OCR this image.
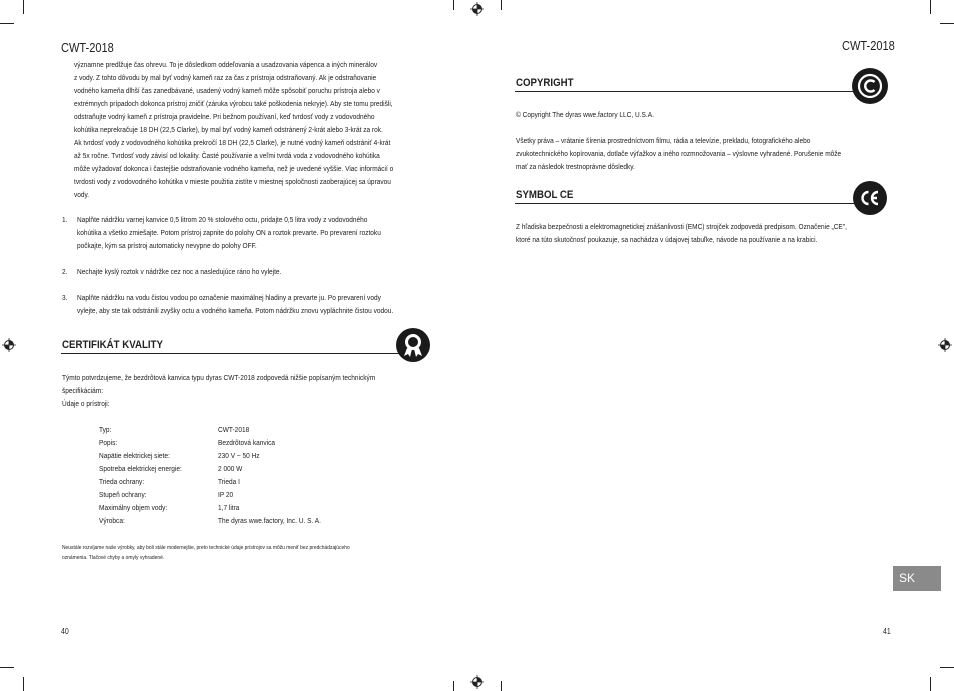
CWT-2018
významne predlžuje čas ohrevu. To je dôsledkom oddeľovania a usadzovania vápenca a iných minerálov
z vody. Z tohto dôvodu by mal byť vodný kameň raz za čas z prístroja odstraňovaný. Ak je odstraňovanie
vodného kameňa dlhší čas zanedbávané, usadený vodný kameň môže spôsobiť poruchu prístroja alebo v
extrémnych prípadoch dokonca prístroj zničiť (záruka výrobcu také poškodenia nekryje). Aby ste tomu predišli,
odstraňujte vodný kameň z prístroja pravidelne. Pri bežnom používaní, keď tvrdosť vody z vodovodného
kohútika neprekračuje 18 DH (22,5 Clarke), by mal byť vodný kameň odstránený 2-krát alebo 3-krát za rok.
Ak tvrdosť vody z vodovodného kohútika prekročí 18 DH (22,5 Clarke), je nutné vodný kameň odstrániť 4-krát
až 5x ročne. Tvrdosť vody závisí od lokality. Časté používanie a veľmi tvrdá voda z vodovodného kohútika
môže vyžadovať dokonca i častejšie odstraňovanie vodného kameňa, než je uvedené vyššie. Viac informácií o
tvrdosti vody z vodovodného kohútika v mieste použitia zistíte v miestnej spoločnosti zaoberajúcej sa úpravou
vody.
1. Naplňte nádržku varnej kanvice 0,5 litrom 20 % stolového octu, pridajte 0,5 litra vody z vodovodného
kohútika a všetko zmiešajte. Potom prístroj zapnite do polohy ON a roztok prevarte. Po prevarení roztoku
počkajte, kým sa prístroj automaticky nevypne do polohy OFF.
2. Nechajte kyslý roztok v nádržke cez noc a nasledujúce ráno ho vylejte.
3. Naplňte nádržku na vodu čistou vodou po označenie maximálnej hladiny a prevarte ju. Po prevarení vody
vylejte, aby ste tak odstránili zvyšky octu a vodného kameňa. Potom nádržku znovu vypláchnite čistou vodou.
CERTIFIKÁT KVALITY
Týmto potvrdzujeme, že bezdrôtová kanvica typu dyras CWT-2018 zodpovedá nižšie popísaným technickým
špecifikáciám:
Údaje o prístroji:
Typ:	CWT-2018
Popis:	Bezdrôtová kanvica
Napätie elektrickej siete:	230 V ~ 50 Hz
Spotreba elektrickej energie:	2 000 W
Trieda ochrany:	Trieda I
Stupeň ochrany:	IP 20
Maximálny objem vody:	1,7 litra
Výrobca:	The dyras wwe.factory, Inc. U. S. A.
Neustále rozvíjame naše výrobky, aby boli stále modernejšie, preto technické údaje prístrojov sa môžu meniť bez predchádzajúceho
oznámenia. Tlačové chyby a omyly vyhradené.
40
CWT-2018
COPYRIGHT
© Copyright The dyras wwe.factory LLC, U.S.A.
Všetky práva – vrátanie šírenia prostredníctvom filmu, rádia a televízie, prekladu, fotografického alebo
zvukotechnického kopírovania, dotlače výťažkov a iného rozmnožovania – výslovne vyhradené. Porušenie môže
mať za následok trestnoprávne dôsledky.
SYMBOL CE
Z hľadiska bezpečnosti a elektromagnetickej znášanlivosti (EMC) strojček zodpovedá predpisom. Označenie „CE",
ktoré na túto skutočnosť poukazuje, sa nachádza v údajovej tabuľke, návode na používanie a na krabici.
SK
41
